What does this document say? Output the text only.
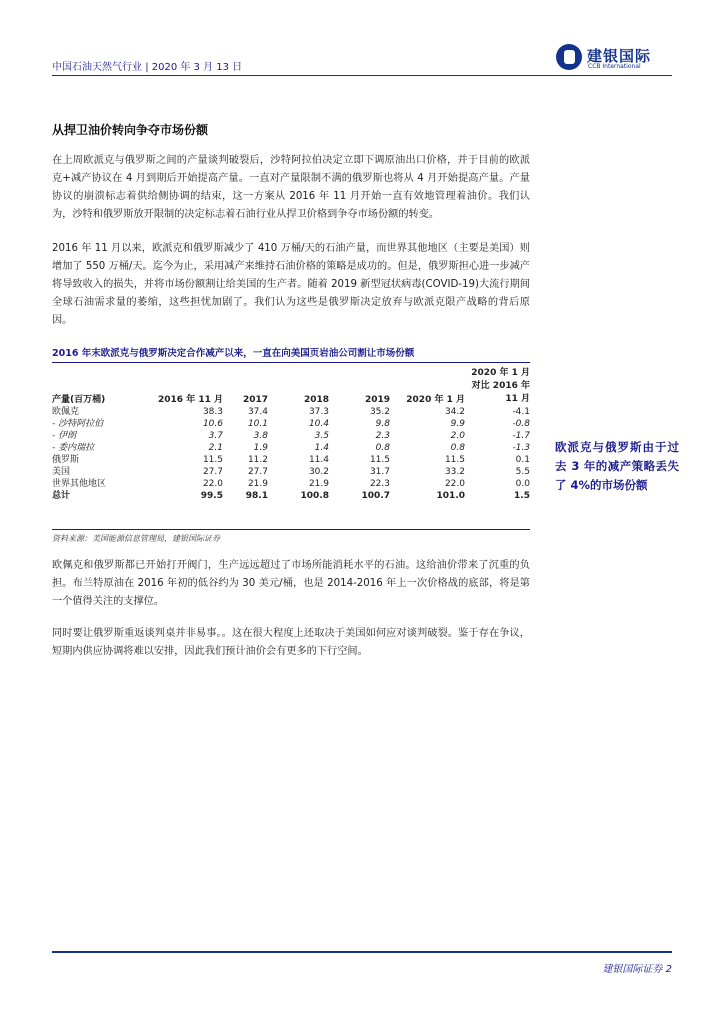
中国石油天然气行业 | 2020 年 3 月 13 日
建银国际
CCB International
从捍卫油价转向争夺市场份额
在上周欧派克与俄罗斯之间的产量谈判破裂后，沙特阿拉伯决定立即下调原油出口价格，并于目前的欧派克+减产协议在 4 月到期后开始提高产量。一直对产量限制不满的俄罗斯也将从 4 月开始提高产量。产量协议的崩溃标志着供给侧协调的结束，这一方案从 2016 年 11 月开始一直有效地管理着油价。我们认为，沙特和俄罗斯放开限制的决定标志着石油行业从捍卫价格到争夺市场份额的转变。
2016 年 11 月以来，欧派克和俄罗斯减少了 410 万桶/天的石油产量，而世界其他地区（主要是美国）则增加了 550 万桶/天。迄今为止，采用减产来维持石油价格的策略是成功的。但是，俄罗斯担心进一步减产将导致收入的损失，并将市场份额割让给美国的生产者。随着 2019 新型冠状病毒(COVID-19)大流行期间全球石油需求量的萎缩，这些担忧加剧了。我们认为这些是俄罗斯决定放弃与欧派克限产战略的背后原因。
2016 年末欧派克与俄罗斯决定合作减产以来，一直在向美国页岩油公司割让市场份额
产量(百万桶)	2016 年 11 月	2017	2018	2019	2020 年 1 月	2020 年 1 月
对比 2016 年
11 月

欧佩克	38.3	37.4	37.3	35.2	34.2	-4.1
- 沙特阿拉伯	10.6	10.1	10.4	9.8	9.9	-0.8
- 伊朗	3.7	3.8	3.5	2.3	2.0	-1.7
- 委内瑞拉	2.1	1.9	1.4	0.8	0.8	-1.3
俄罗斯	11.5	11.2	11.4	11.5	11.5	0.1
美国	27.7	27.7	30.2	31.7	33.2	5.5
世界其他地区	22.0	21.9	21.9	22.3	22.0	0.0
总计	99.5	98.1	100.8	100.7	101.0	1.5
资料来源：美国能源信息管理局，建银国际证券
欧派克与俄罗斯由于过去 3 年的减产策略丢失了 4%的市场份额
欧佩克和俄罗斯都已开始打开阀门，生产远远超过了市场所能消耗水平的石油。这给油价带来了沉重的负担。布兰特原油在 2016 年初的低谷约为 30 美元/桶，也是 2014-2016 年上一次价格战的底部，将是第一个值得关注的支撑位。
同时要让俄罗斯重返谈判桌并非易事。。这在很大程度上还取决于美国如何应对谈判破裂。鉴于存在争议，短期内供应协调将难以安排，因此我们预计油价会有更多的下行空间。
建银国际证券 2
